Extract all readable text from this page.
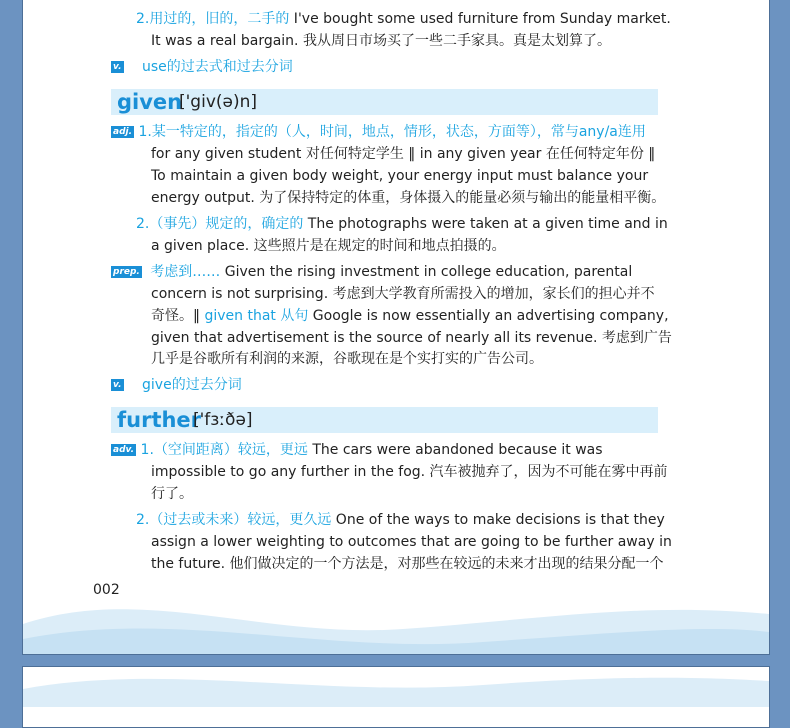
2.用过的，旧的，二手的 I've bought some used furniture from Sunday market.
It was a real bargain. 我从周日市场买了一些二手家具。真是太划算了。
v. use的过去式和过去分词
given
['giv(ə)n]
adj. 1.某一特定的，指定的（人，时间，地点，情形，状态，方面等），常与any/a连用
for any given student 对任何特定学生 ‖ in any given year 在任何特定年份 ‖
To maintain a given body weight, your energy input must balance your
energy output. 为了保持特定的体重，身体摄入的能量必须与输出的能量相平衡。
2.（事先）规定的，确定的 The photographs were taken at a given time and in
a given place. 这些照片是在规定的时间和地点拍摄的。
prep. 考虑到…… Given the rising investment in college education, parental
concern is not surprising. 考虑到大学教育所需投入的增加，家长们的担心并不
奇怪。‖ given that 从句 Google is now essentially an advertising company,
given that advertisement is the source of nearly all its revenue. 考虑到广告
几乎是谷歌所有利润的来源，谷歌现在是个实打实的广告公司。
v. give的过去分词
further
['fɜːðə]
adv. 1.（空间距离）较远，更远 The cars were abandoned because it was
impossible to go any further in the fog. 汽车被抛弃了，因为不可能在雾中再前
行了。
2.（过去或未来）较远，更久远 One of the ways to make decisions is that they
assign a lower weighting to outcomes that are going to be further away in
the future. 他们做决定的一个方法是，对那些在较远的未来才出现的结果分配一个
002
